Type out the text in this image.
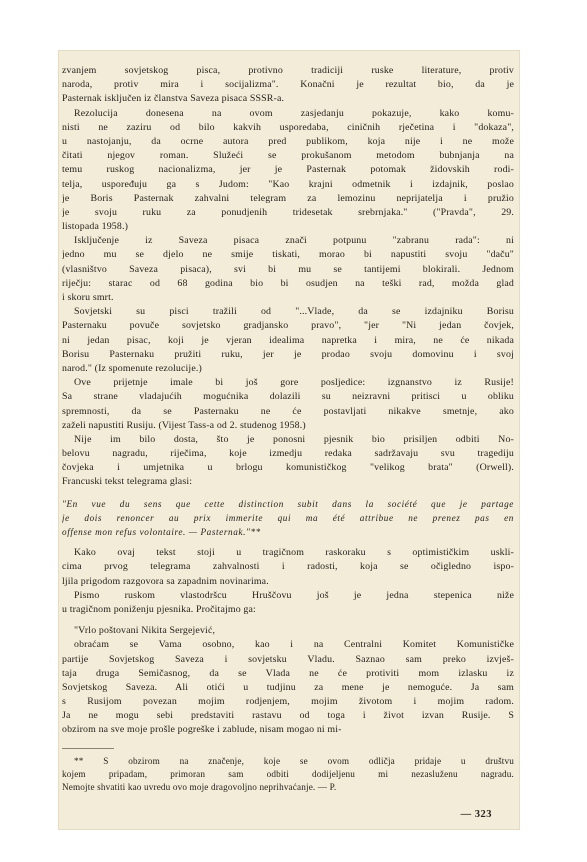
zvanjem sovjetskog pisca, protivno tradiciji ruske literature, protiv
naroda, protiv mira i socijalizma". Konačni je rezultat bio, da je
Pasternak isključen iz članstva Saveza pisaca SSSR-a.
Rezolucija donesena na ovom zasjedanju pokazuje, kako komu-
nisti ne zaziru od bilo kakvih usporedaba, ciničnih rječetina i "dokaza",
u nastojanju, da ocrne autora pred publikom, koja nije i ne može
čitati njegov roman. Služeći se prokušanom metodom bubnjanja na
temu ruskog nacionalizma, jer je Pasternak potomak židovskih rodi-
telja, uspoređuju ga s Judom: "Kao krajni odmetnik i izdajnik, poslao
je Boris Pasternak zahvalni telegram za lemozinu neprijatelja i pružio
je svoju ruku za ponudjenih tridesetak srebrnjaka." ("Pravda", 29.
listopada 1958.)
Isključenje iz Saveza pisaca znači potpunu "zabranu rada": ni
jedno mu se djelo ne smije tiskati, morao bi napustiti svoju "daču"
(vlasništvo Saveza pisaca), svi bi mu se tantijemi blokirali. Jednom
riječju: starac od 68 godina bio bi osudjen na teški rad, možda glad
i skoru smrt.
Sovjetski su pisci tražili od "...Vlade, da se izdajniku Borisu
Pasternaku povuče sovjetsko gradjansko pravo", "jer "Ni jedan čovjek,
ni jedan pisac, koji je vjeran idealima napretka i mira, ne će nikada
Borisu Pasternaku pružiti ruku, jer je prodao svoju domovinu i svoj
narod." (Iz spomenute rezolucije.)
Ove prijetnje imale bi još gore posljedice: izgnanstvo iz Rusije!
Sa strane vladajućih mogućnika dolazili su neizravni pritisci u obliku
spremnosti, da se Pasternaku ne će postavljati nikakve smetnje, ako
zaželi napustiti Rusiju. (Vijest Tass-a od 2. studenog 1958.)
Nije im bilo dosta, što je ponosni pjesnik bio prisiljen odbiti No-
belovu nagradu, riječima, koje izmedju redaka sadržavaju svu tragediju
čovjeka i umjetnika u brlogu komunističkog "velikog brata" (Orwell).
Francuski tekst telegrama glasi:
"En vue du sens que cette distinction subit dans la société que je partage
je dois renoncer au prix immerite qui ma été attribue ne prenez pas en
offense mon refus volontaire. — Pasternak."**
Kako ovaj tekst stoji u tragičnom raskoraku s optimističkim uskli-
cima prvog telegrama zahvalnosti i radosti, koja se očigledno ispo-
ljila prigodom razgovora sa zapadnim novinarima.
Pismo ruskom vlastodršcu Hruščovu još je jedna stepenica niže
u tragičnom poniženju pjesnika. Pročitajmo ga:
"Vrlo poštovani Nikita Sergejević,
obraćam se Vama osobno, kao i na Centralni Komitet Komunističke
partije Sovjetskog Saveza i sovjetsku Vladu. Saznao sam preko izvješ-
taja druga Semičasnog, da se Vlada ne će protiviti mom izlasku iz
Sovjetskog Saveza. Ali otići u tudjinu za mene je nemoguće. Ja sam
s Rusijom povezan mojim rodjenjem, mojim životom i mojim radom.
Ja ne mogu sebi predstaviti rastavu od toga i život izvan Rusije. S
obzirom na sve moje prošle pogreške i zablude, nisam mogao ni mi-
** S obzirom na značenje, koje se ovom odličja pridaje u društvu
kojem pripadam, primoran sam odbiti dodijeljenu mi nezasluženu nagradu.
Nemojte shvatiti kao uvredu ovo moje dragovoljno neprihvaćanje. — P.
— 323
